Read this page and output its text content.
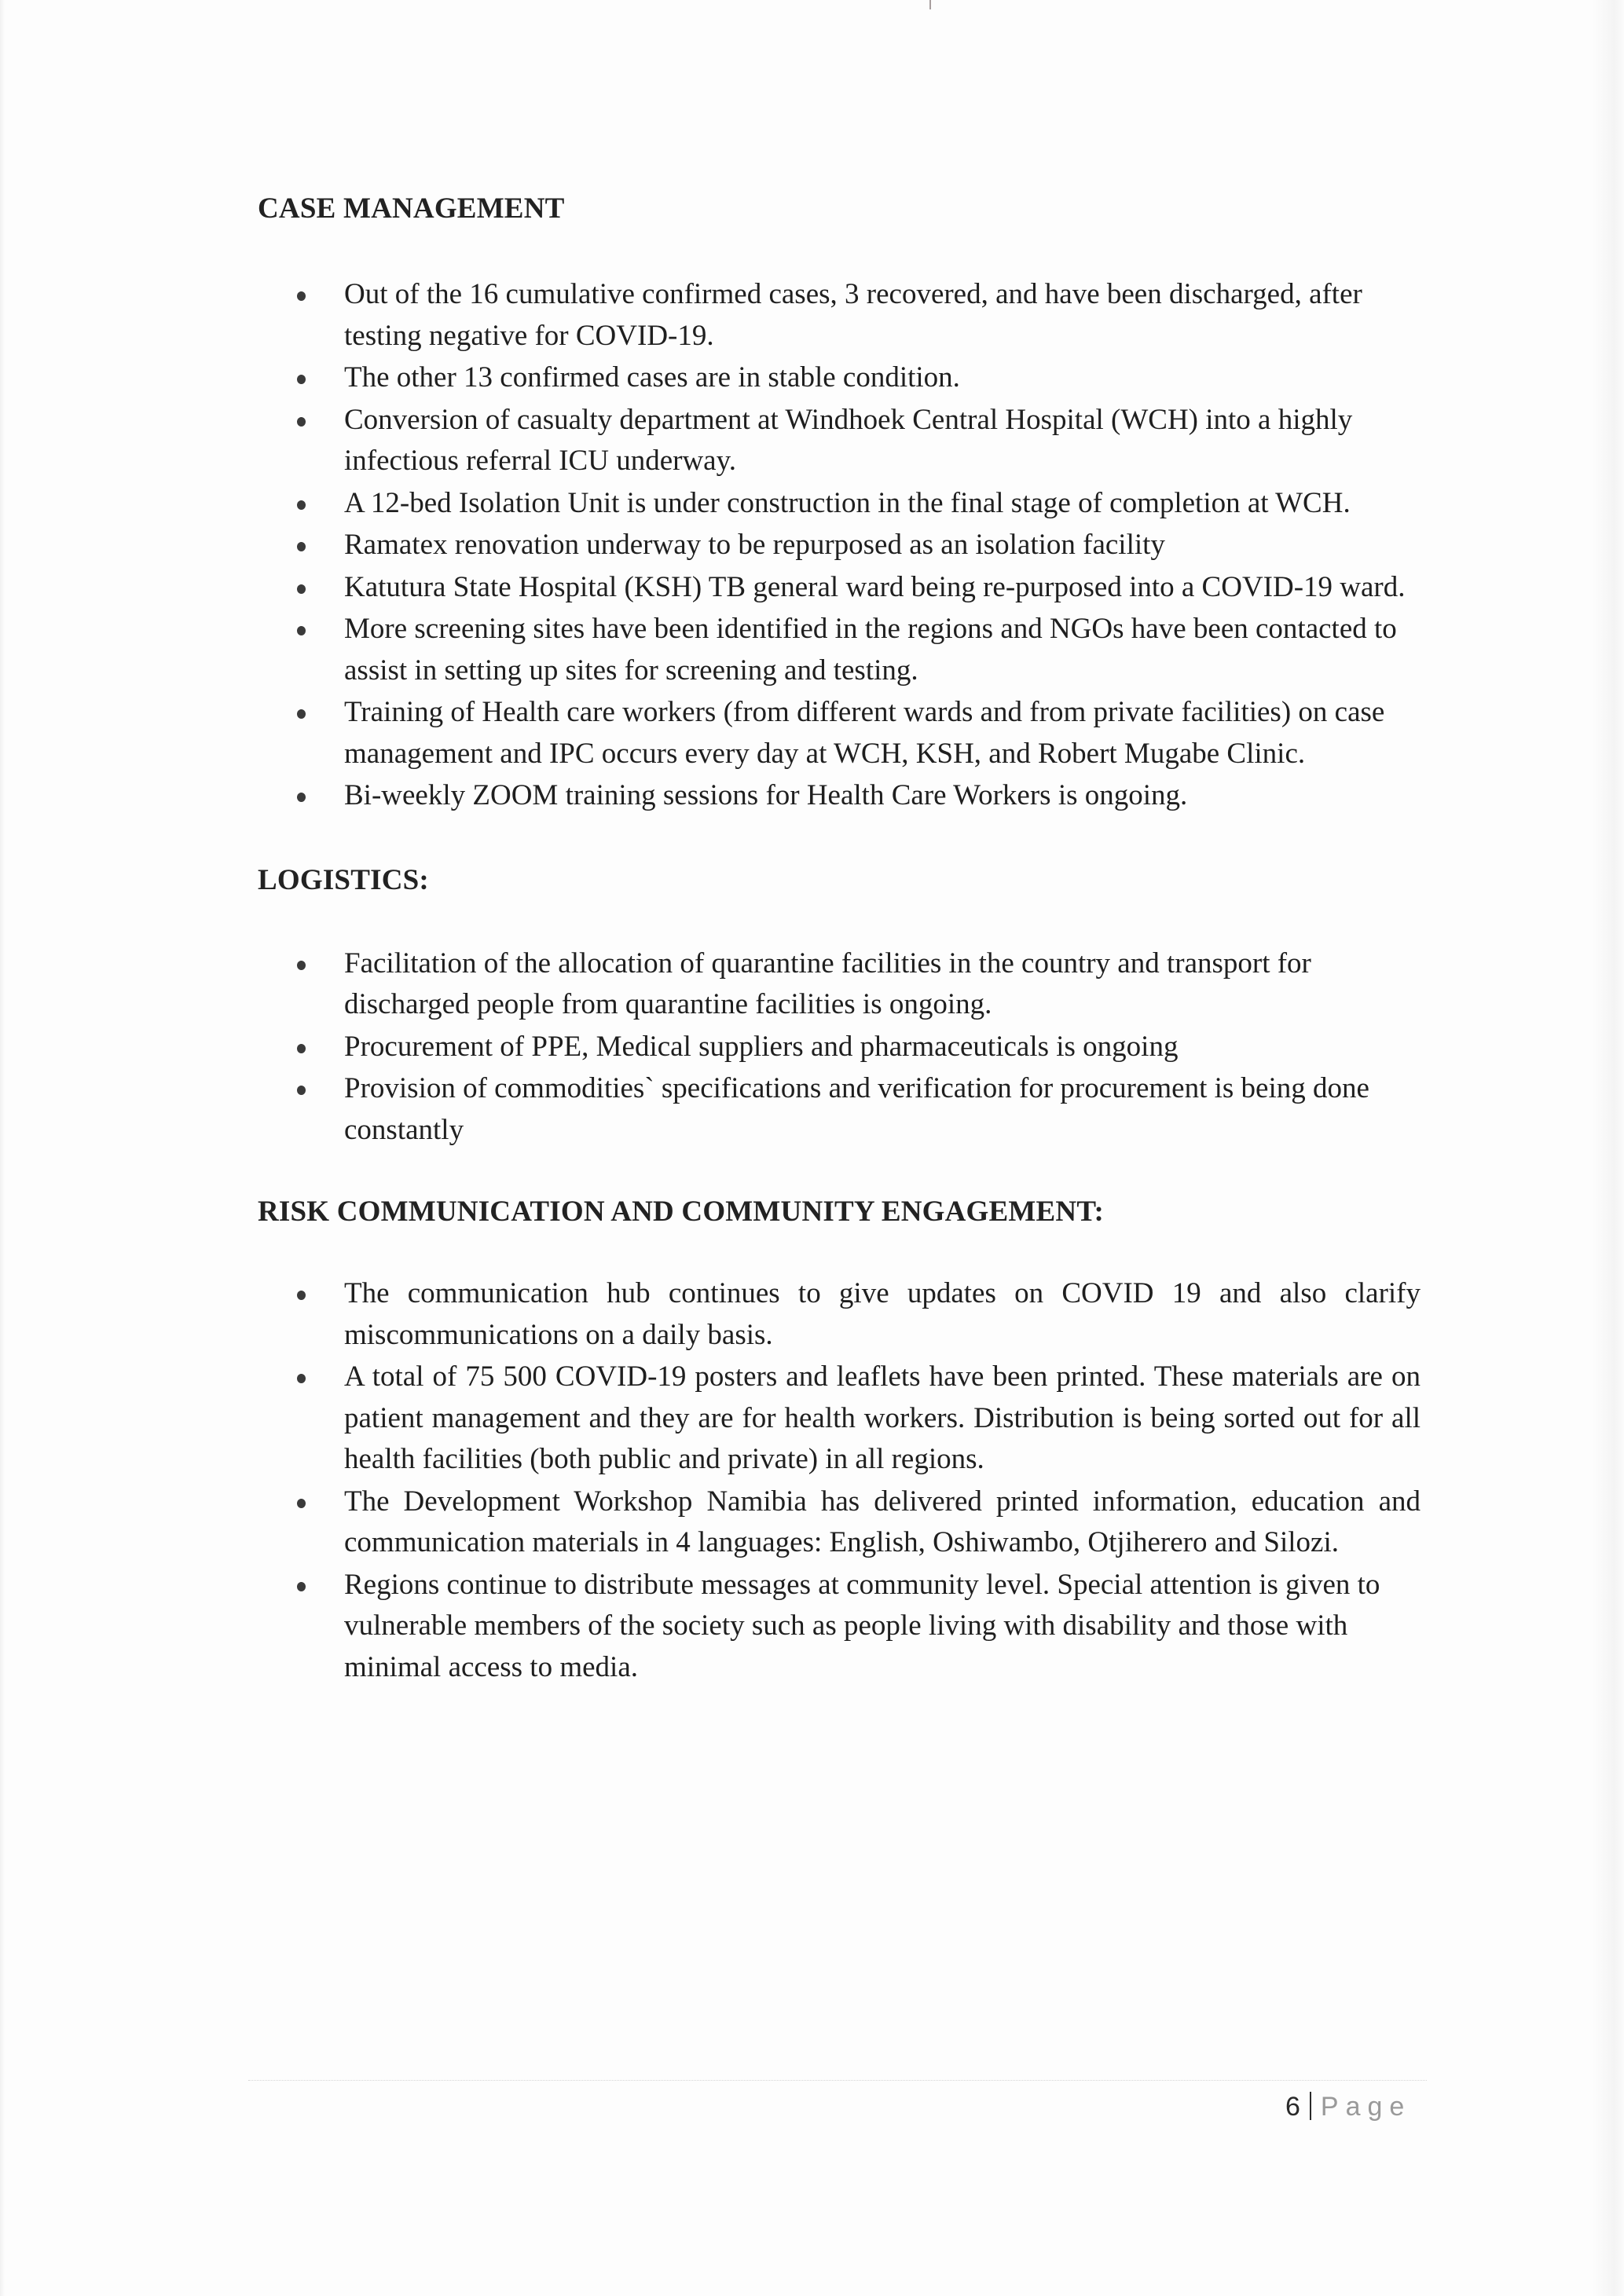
CASE MANAGEMENT
Out of the 16 cumulative confirmed cases, 3 recovered, and have been discharged, after testing negative for COVID-19.
The other 13 confirmed cases are in stable condition.
Conversion of casualty department at Windhoek Central Hospital (WCH) into a highly infectious referral ICU underway.
A 12-bed Isolation Unit is under construction in the final stage of completion at WCH.
Ramatex renovation underway to be repurposed as an isolation facility
Katutura State Hospital (KSH) TB general ward being re-purposed into a COVID-19 ward.
More screening sites have been identified in the regions and NGOs have been contacted to assist in setting up sites for screening and testing.
Training of Health care workers (from different wards and from private facilities) on case management and IPC occurs every day at WCH, KSH, and Robert Mugabe Clinic.
Bi-weekly ZOOM training sessions for Health Care Workers is ongoing.
LOGISTICS:
Facilitation of the allocation of quarantine facilities in the country and transport for discharged people from quarantine facilities is ongoing.
Procurement of PPE, Medical suppliers and pharmaceuticals is ongoing
Provision of commodities` specifications and verification for procurement is being done constantly
RISK COMMUNICATION AND COMMUNITY ENGAGEMENT:
The communication hub continues to give updates on COVID 19 and also clarify miscommunications on a daily basis.
A total of 75 500 COVID-19 posters and leaflets have been printed. These materials are on patient management and they are for health workers. Distribution is being sorted out for all health facilities (both public and private) in all regions.
The Development Workshop Namibia has delivered printed information, education and communication materials in 4 languages: English, Oshiwambo, Otjiherero and Silozi.
Regions continue to distribute messages at community level. Special attention is given to vulnerable members of the society such as people living with disability and those with minimal access to media.
6 Page
